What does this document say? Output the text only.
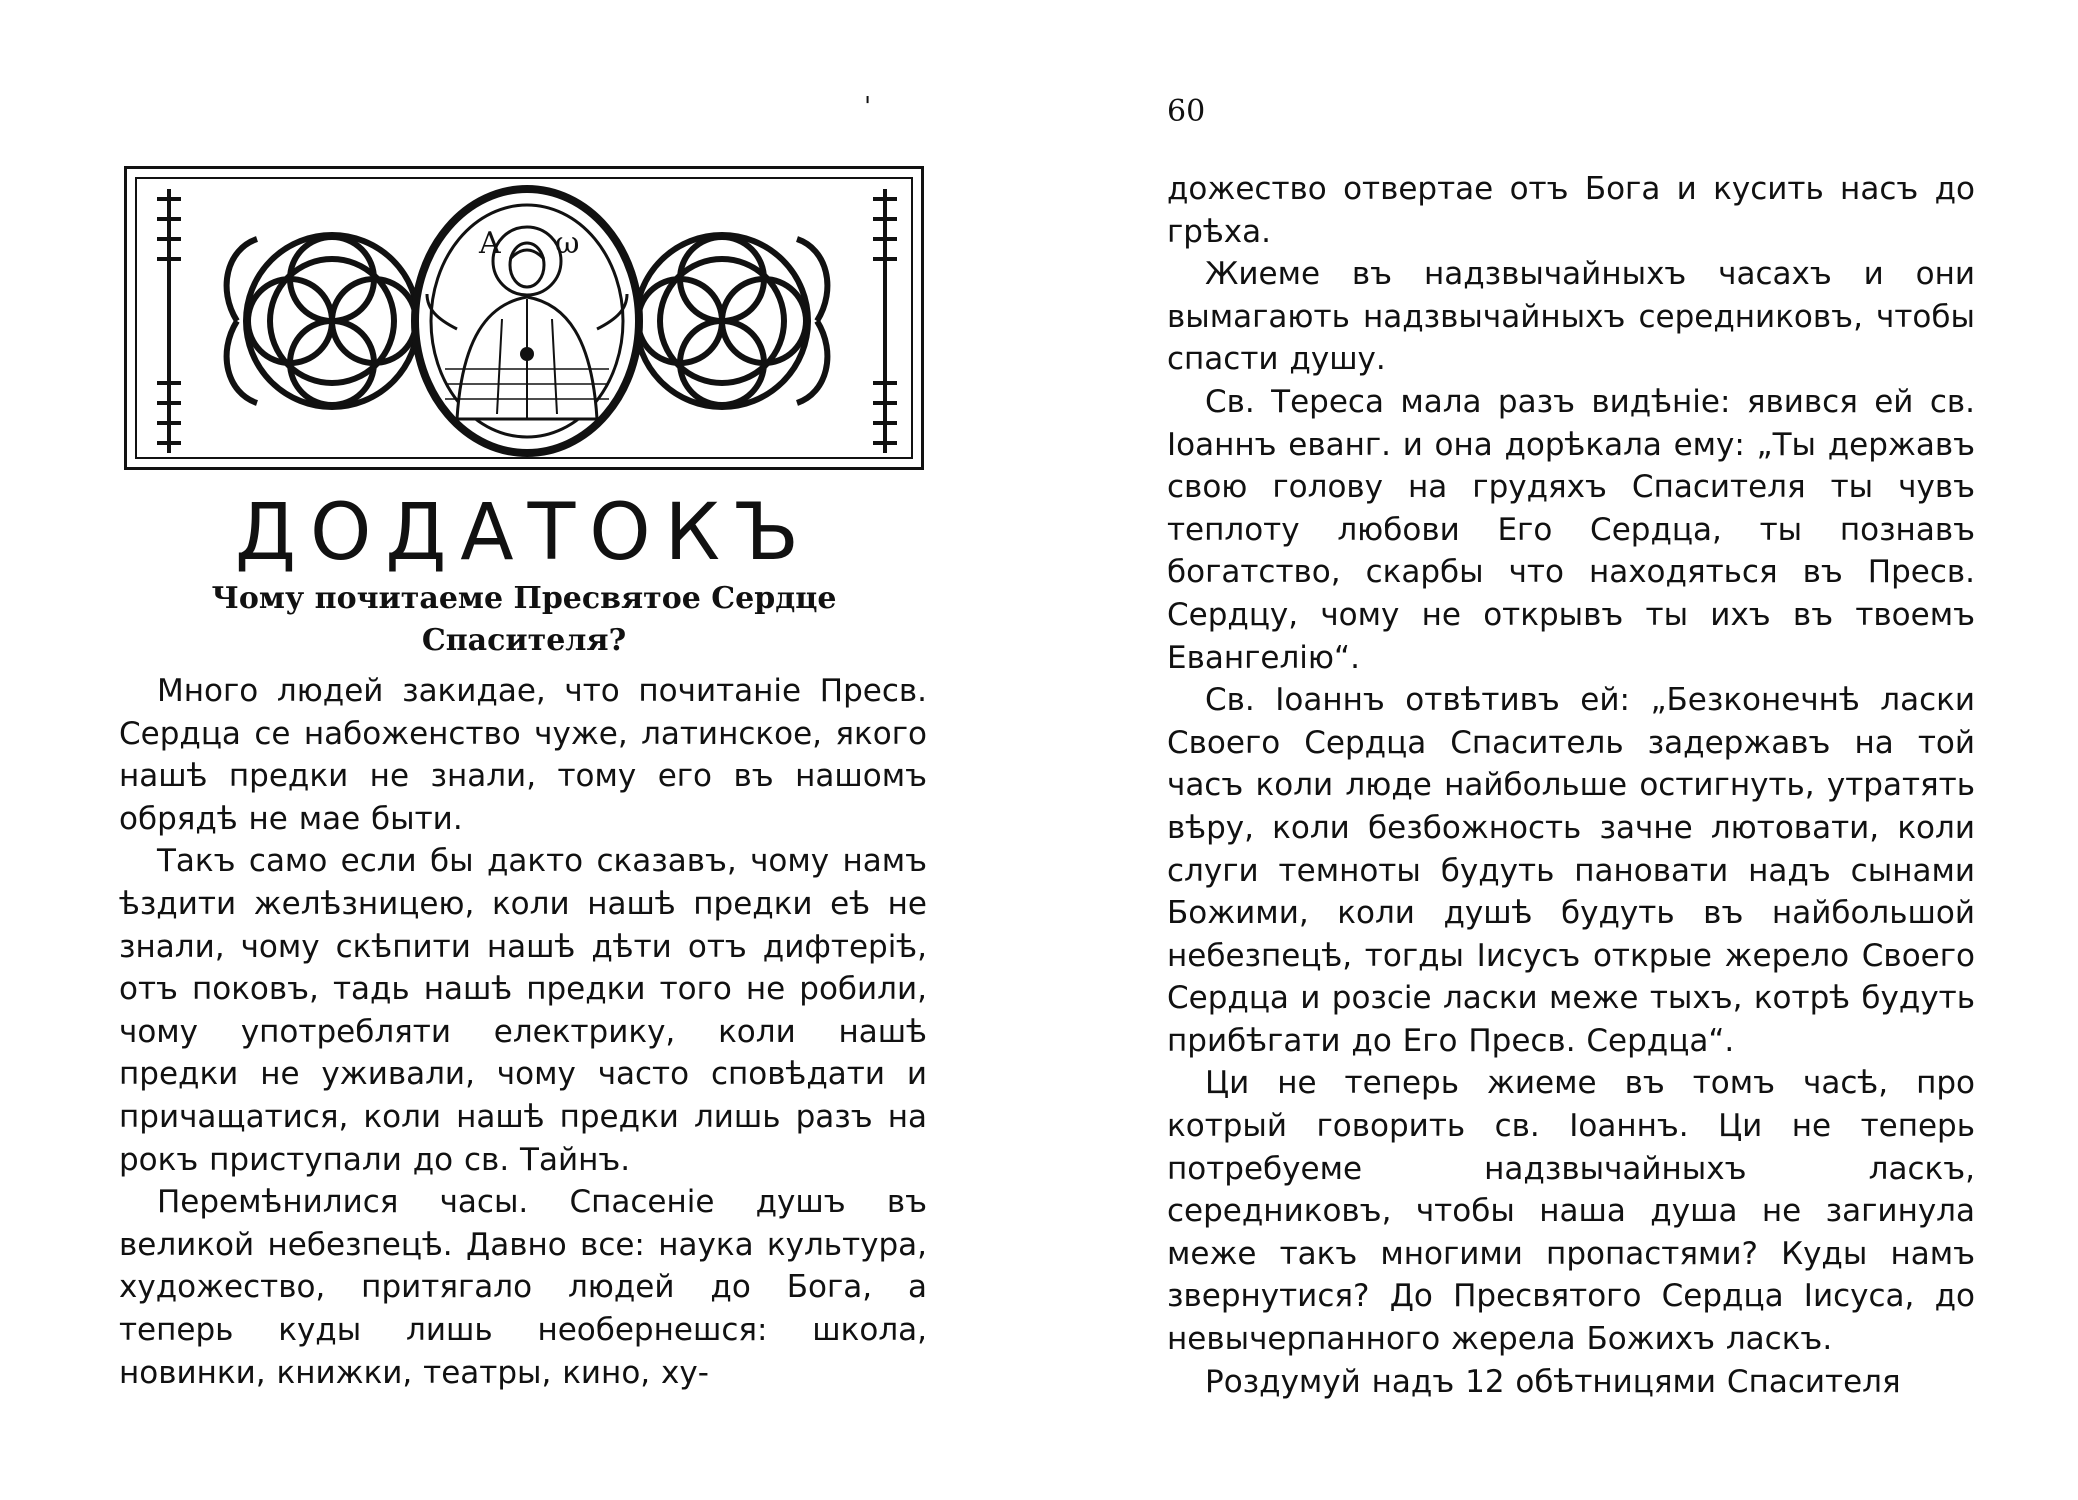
'
A ω
ДОДАТОКЪ
Чому почитаеме Пресвятое Сердце
Спасителя?

Много людей закидае, что почитаніе Пресв. Сердца се набоженство чуже, латинское, якого нашѣ предки не знали, тому его въ нашомъ обрядѣ не мае быти.

Такъ само если бы дакто сказавъ, чому намъ ѣздити желѣзницею, коли нашѣ предки еѣ не знали, чому скѣпити нашѣ дѣти отъ дифтеріѣ, отъ поковъ, тадь нашѣ предки того не робили, чому употребляти електрику, коли нашѣ предки не уживали, чому часто сповѣдати и причащатися, коли нашѣ предки лишь разъ на рокъ приступали до св. Тайнъ.

Перемѣнилися часы. Спасеніе душъ въ великой небезпецѣ. Давно все: наука культура, художество, притягало людей до Бога, а теперь куды лишь необернешся: школа, новинки, книжки, театры, кино, ху-

60

дожество отвертае отъ Бога и кусить насъ до грѣха.

Жиеме въ надзвычайныхъ часахъ и они вымагають надзвычайныхъ середниковъ, чтобы спасти душу.

Св. Тереса мала разъ видѣніе: явився ей св. Іоаннъ еванг. и она дорѣкала ему: „Ты державъ свою голову на грудяхъ Спасителя ты чувъ теплоту любови Его Сердца, ты познавъ богатство, скарбы что находяться въ Пресв. Сердцу, чому не открывъ ты ихъ въ твоемъ Евангелію“.

Св. Іоаннъ отвѣтивъ ей: „Безконечнѣ ласки Своего Сердца Спаситель задержавъ на той часъ коли люде найбольше остигнуть, утратять вѣру, коли безбожность зачне лютовати, коли слуги темноты будуть пановати надъ сынами Божими, коли душѣ будуть въ найбольшой небезпецѣ, тогды Іисусъ открые жерело Своего Сердца и розсіе ласки меже тыхъ, котрѣ будуть прибѣгати до Его Пресв. Сердца“.

Ци не теперь жиеме въ томъ часѣ, про котрый говорить св. Іоаннъ. Ци не теперь потребуеме надзвычайныхъ ласкъ, середниковъ, чтобы наша душа не загинула меже такъ многими пропастями? Куды намъ звернутися? До Пресвятого Сердца Іисуса, до невычерпанного жерела Божихъ ласкъ.

Роздумуй надъ 12 обѣтницями Спасителя
